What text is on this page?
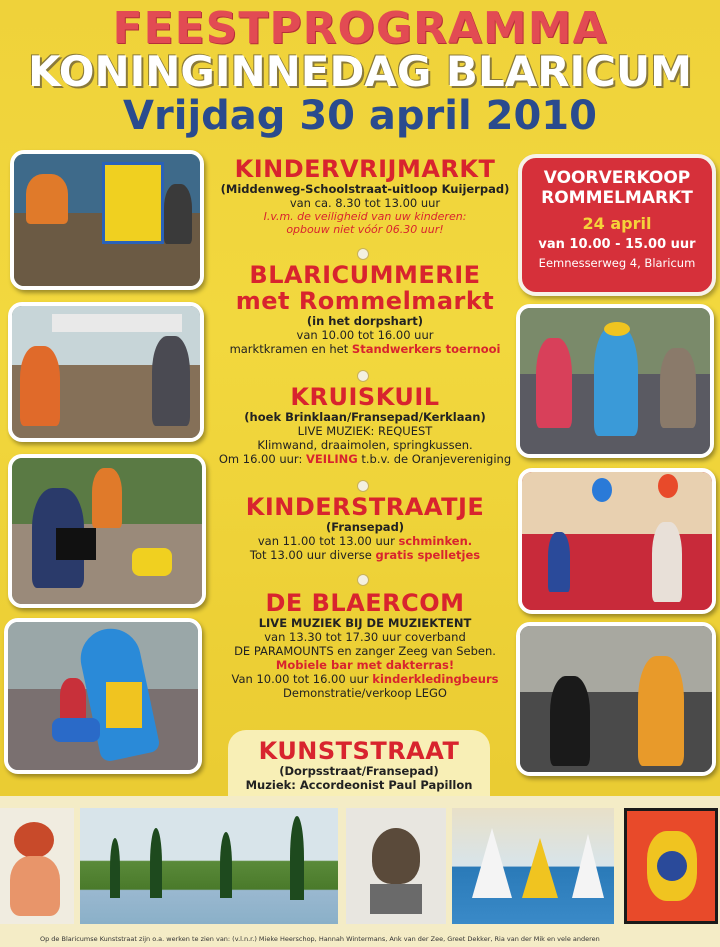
FEESTPROGRAMMA
KONINGINNEDAG BLARICUM
Vrijdag 30 april 2010
KINDERVRIJMARKT
(Middenweg-Schoolstraat-uitloop Kuijerpad)
van ca. 8.30 tot 13.00 uur
I.v.m. de veiligheid van uw kinderen:
opbouw niet vóór 06.30 uur!
BLARICUMMERIE
met Rommelmarkt
(in het dorpshart)
van 10.00 tot 16.00 uur
marktkramen en het Standwerkers toernooi
KRUISKUIL
(hoek Brinklaan/Fransepad/Kerklaan)
LIVE MUZIEK: REQUEST
Klimwand, draaimolen, springkussen.
Om 16.00 uur: VEILING t.b.v. de Oranjevereniging
KINDERSTRAATJE
(Fransepad)
van 11.00 tot 13.00 uur schminken.
Tot 13.00 uur diverse gratis spelletjes
DE BLAERCOM
LIVE MUZIEK BIJ DE MUZIEKTENT
van 13.30 tot 17.30 uur coverband
DE PARAMOUNTS en zanger Zeeg van Seben.
Mobiele bar met dakterras!
Van 10.00 tot 16.00 uur kinderkledingbeurs
Demonstratie/verkoop LEGO
VOORVERKOOP
ROMMELMARKT
24 april
van 10.00 - 15.00 uur
Eemnesserweg 4, Blaricum
KUNSTSTRAAT
(Dorpsstraat/Fransepad)
Muziek: Accordeonist Paul Papillon
Op de Blaricumse Kunststraat zijn o.a. werken te zien van: (v.l.n.r.) Mieke Heerschop, Hannah Wintermans, Ank van der Zee, Greet Dekker, Ria van der Mik en vele anderen
